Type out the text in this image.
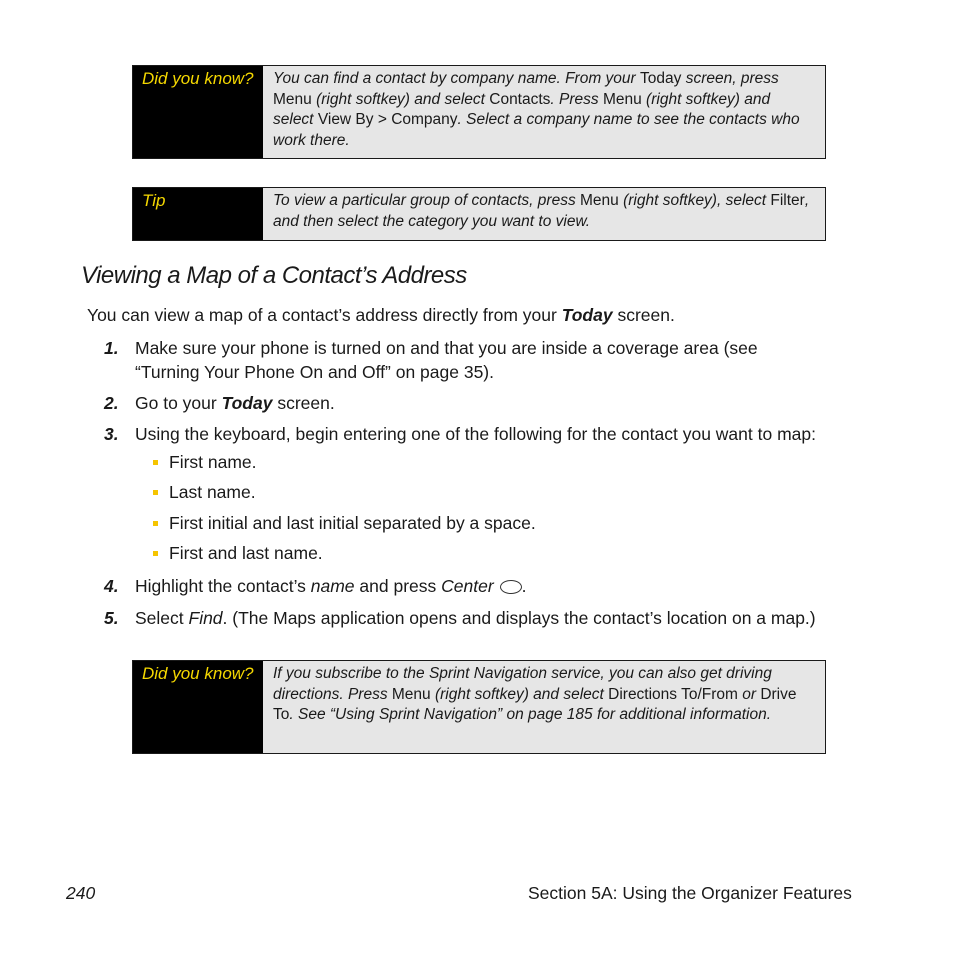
Did you know?	You can find a contact by company name. From your Today screen, press Menu (right softkey) and select Contacts. Press Menu (right softkey) and select View By > Company. Select a company name to see the contacts who work there.
Tip	To view a particular group of contacts, press Menu (right softkey), select Filter, and then select the category you want to view.
Viewing a Map of a Contact’s Address
You can view a map of a contact’s address directly from your Today screen.
1. Make sure your phone is turned on and that you are inside a coverage area (see
“Turning Your Phone On and Off” on page 35).
2. Go to your Today screen.
3. Using the keyboard, begin entering one of the following for the contact you want to map:
First name.
Last name.
First initial and last initial separated by a space.
First and last name.
4. Highlight the contact’s name and press Center .
5. Select Find. (The Maps application opens and displays the contact’s location on a map.)
Did you know?	If you subscribe to the Sprint Navigation service, you can also get driving directions. Press Menu (right softkey) and select Directions To/From or Drive To. See “Using Sprint Navigation” on page 185 for additional information.
240	Section 5A: Using the Organizer Features
